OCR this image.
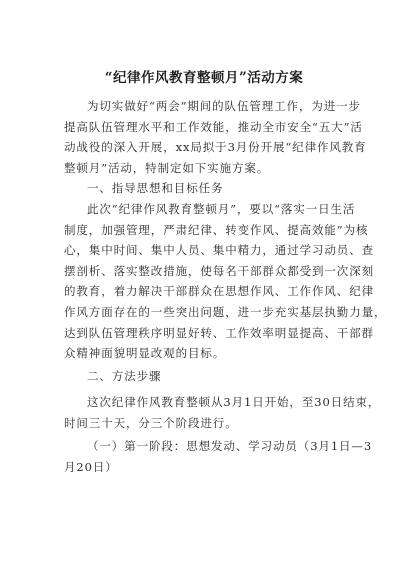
“纪律作风教育整顿月”活动方案

为切实做好“两会”期间的队伍管理工作，为进一步
提高队伍管理水平和工作效能，推动全市安全“五大”活
动战役的深入开展，xx局拟于3月份开展“纪律作风教育
整顿月”活动，特制定如下实施方案。

一、指导思想和目标任务

此次“纪律作风教育整顿月”，要以“落实一日生活
制度，加强管理，严肃纪律、转变作风、提高效能”为核
心，集中时间、集中人员、集中精力，通过学习动员、查
摆剖析、落实整改措施，使每名干部群众都受到一次深刻
的教育，着力解决干部群众在思想作风、工作作风、纪律
作风方面存在的一些突出问题，进一步充实基层执勤力量，
达到队伍管理秩序明显好转、工作效率明显提高、干部群
众精神面貌明显改观的目标。

二、方法步骤

这次纪律作风教育整顿从3月1日开始，至30日结束，
时间三十天，分三个阶段进行。

（一）第一阶段：思想发动、学习动员（3月1日—3
月20日）
